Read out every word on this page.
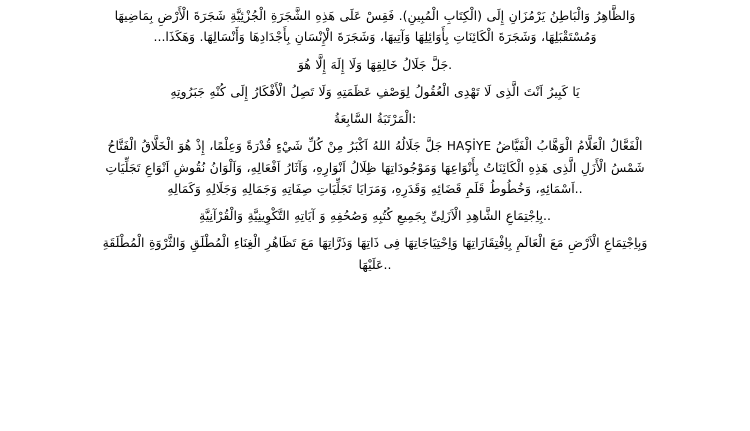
وَالظَّاهِرُ وَالْبَاطِنُ يَرْمُزَانِ إِلَى (الْكِتَابِ الْمُبِينِ). فَقِسْ عَلَى هَذِهِ الشَّجَرَةِ الْجُزْئِيَّةِ شَجَرَةَ الْأَرْضِ بِمَاضِيهَا

وَمُسْتَقْبَلِهَا، وَشَجَرَةَ الْكَائِنَاتِ بِأَوَائِلِهَا وَآتِيهَا، وَشَجَرَةَ الْإِنْسَانِ بِأَجْدَادِهَا وَأَنْسَالِهَا. وَهَكَذَا...

.جَلَّ جَلَالُ خَالِقِهَا وَلَا إِلَهَ إِلَّا هُوَ

يَا كَبِيرُ اَنْتَ الَّذِى لَا تَهْدِى الْعُقُولُ لِوَصْفِ عَظَمَتِهِ وَلَا تَصِلُ الْأَفْكَارُ إِلَى كُنْهِ جَبَرُوتِهِ

:الْمَرْتَبَةُ السَّابِعَةُ

الْفَعَّالُ الْعَلَّامُ الْوَهَّابُ الْفَيَّاضُ HAŞİYE جَلَّ جَلَالُهُ اللهُ اَكْبَرُ مِنْ كُلِّ شَيْءٍ قُدْرَةً وَعِلْمًا، إِذْ هُوَ الْخَلَّاقُ الْفَتَّاحُ

شَمْسُ الْأَزَلِ الَّذِى هَذِهِ الْكَائِنَاتُ بِأَنْوَاعِهَا وَمَوْجُودَاتِهَا ظِلَالُ اَنْوَارِهِ، وَآثَارُ اَفْعَالِهِ، وَاَلْوَانُ نُقُوشِ اَنْوَاعِ تَجَلِّيَاتِ

..اَسْمَائِهِ، وَخُطُوطُ قَلَمِ قَضَائِهِ وَقَدَرِهِ، وَمَرَايَا تَجَلِّيَاتِ صِفَاتِهِ وَجَمَالِهِ وَجَلَالِهِ وَكَمَالِهِ

..بِاِجْتِمَاعِ الشَّاهِدِ الْاَزَلِىِّ بِجَمِيعِ كُتُبِهِ وَصُحُفِهِ وَ آيَاتِهِ التَّكْوِينِيَّةِ وَالْقُرْآنِيَّةِ

وَبِاِجْتِمَاعِ الْاَرْضِ مَعَ الْعَالَمِ بِاِفْتِقَارَاتِهَا وَاِحْتِيَاجَاتِهَا فِى ذَاتِهَا وَذَرَّاتِهَا مَعَ تَظَاهُرِ الْغِنَاءِ الْمُطْلَقِ وَالثَّرْوَةِ الْمُطْلَقَةِ

..عَلَيْهَا
